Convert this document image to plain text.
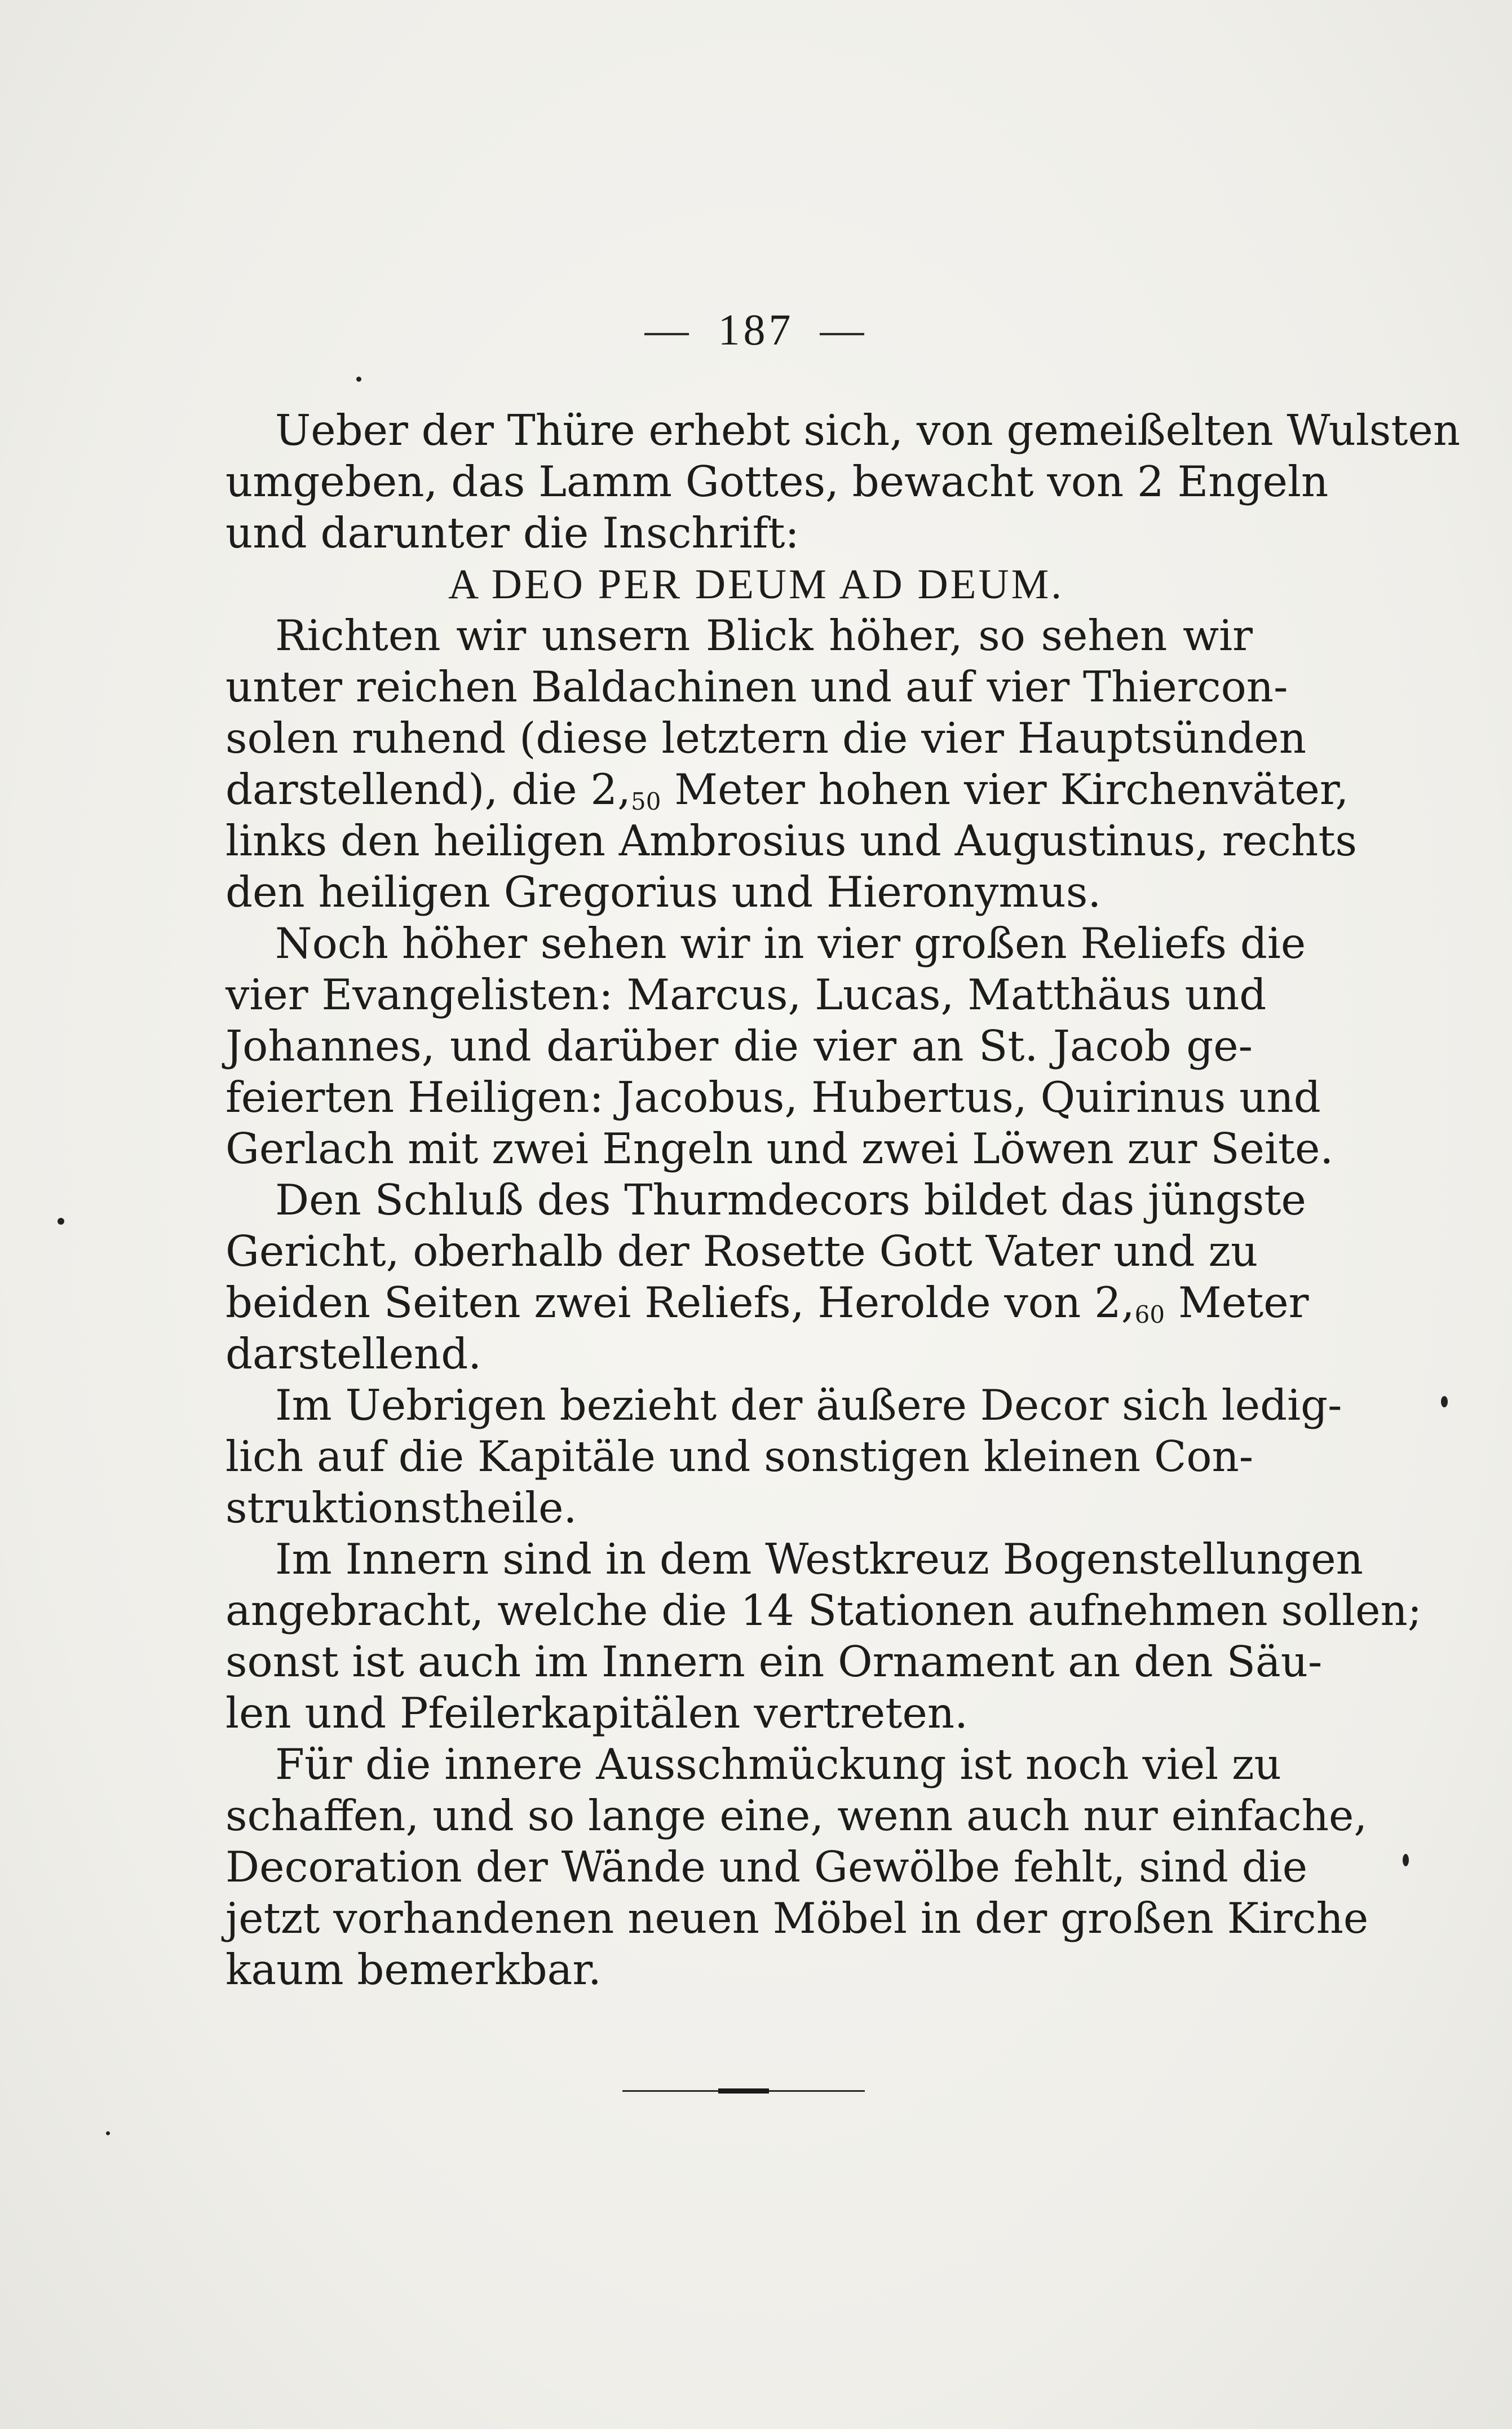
— 187 —
Ueber der Thüre erhebt sich, von gemeißelten Wulsten
umgeben, das Lamm Gottes, bewacht von 2 Engeln
und darunter die Inschrift:
A DEO PER DEUM AD DEUM.
Richten wir unsern Blick höher, so sehen wir
unter reichen Baldachinen und auf vier Thiercon-
solen ruhend (diese letztern die vier Hauptsünden
darstellend), die $2,_{50}$ Meter hohen vier Kirchenväter,
links den heiligen Ambrosius und Augustinus, rechts
den heiligen Gregorius und Hieronymus.
Noch höher sehen wir in vier großen Reliefs die
vier Evangelisten: Marcus, Lucas, Matthäus und
Johannes, und darüber die vier an St. Jacob ge-
feierten Heiligen: Jacobus, Hubertus, Quirinus und
Gerlach mit zwei Engeln und zwei Löwen zur Seite.
Den Schluß des Thurmdecors bildet das jüngste
Gericht, oberhalb der Rosette Gott Vater und zu
beiden Seiten zwei Reliefs, Herolde von $2,_{60}$ Meter
darstellend.
Im Uebrigen bezieht der äußere Decor sich ledig-
lich auf die Kapitäle und sonstigen kleinen Con-
struktionstheile.
Im Innern sind in dem Westkreuz Bogenstellungen
angebracht, welche die 14 Stationen aufnehmen sollen;
sonst ist auch im Innern ein Ornament an den Säu-
len und Pfeilerkapitälen vertreten.
Für die innere Ausschmückung ist noch viel zu
schaffen, und so lange eine, wenn auch nur einfache,
Decoration der Wände und Gewölbe fehlt, sind die
jetzt vorhandenen neuen Möbel in der großen Kirche
kaum bemerkbar.
